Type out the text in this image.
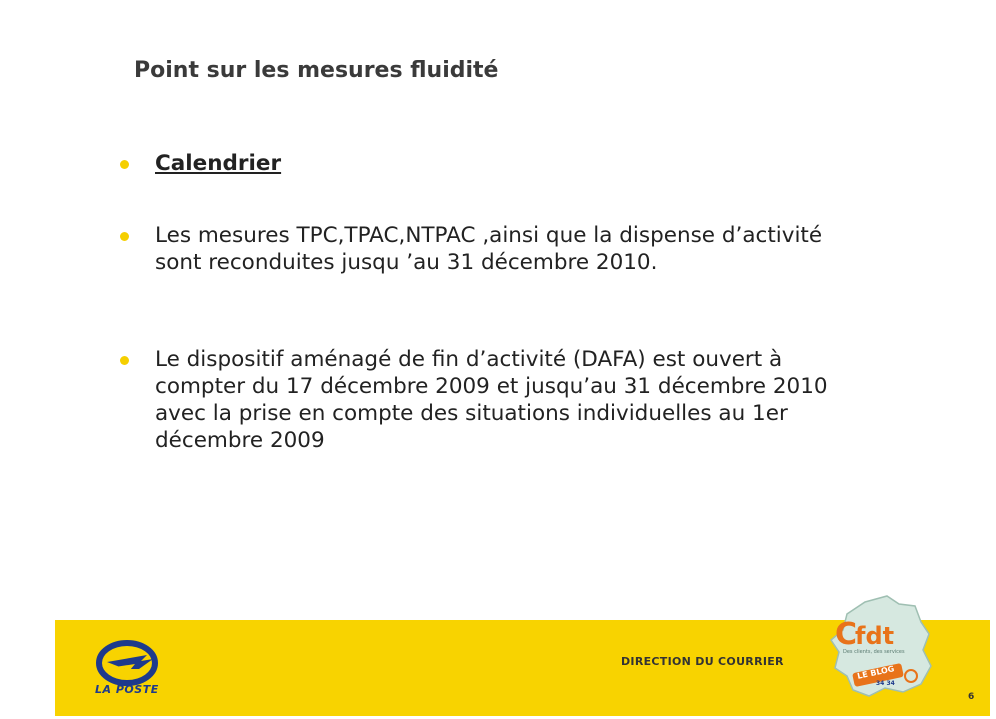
Point sur les mesures fluidité
Calendrier
Les mesures TPC,TPAC,NTPAC ,ainsi que la dispense d’activité sont reconduites jusqu ’au 31 décembre 2010.
Le dispositif aménagé de fin d’activité (DAFA) est ouvert à compter du 17 décembre 2009 et jusqu’au 31 décembre 2010 avec la prise en compte des situations individuelles au 1er décembre 2009
LA POSTE
DIRECTION DU COURRIER
C
fdt
Des clients, des services
LE BLOG
34 34
6
